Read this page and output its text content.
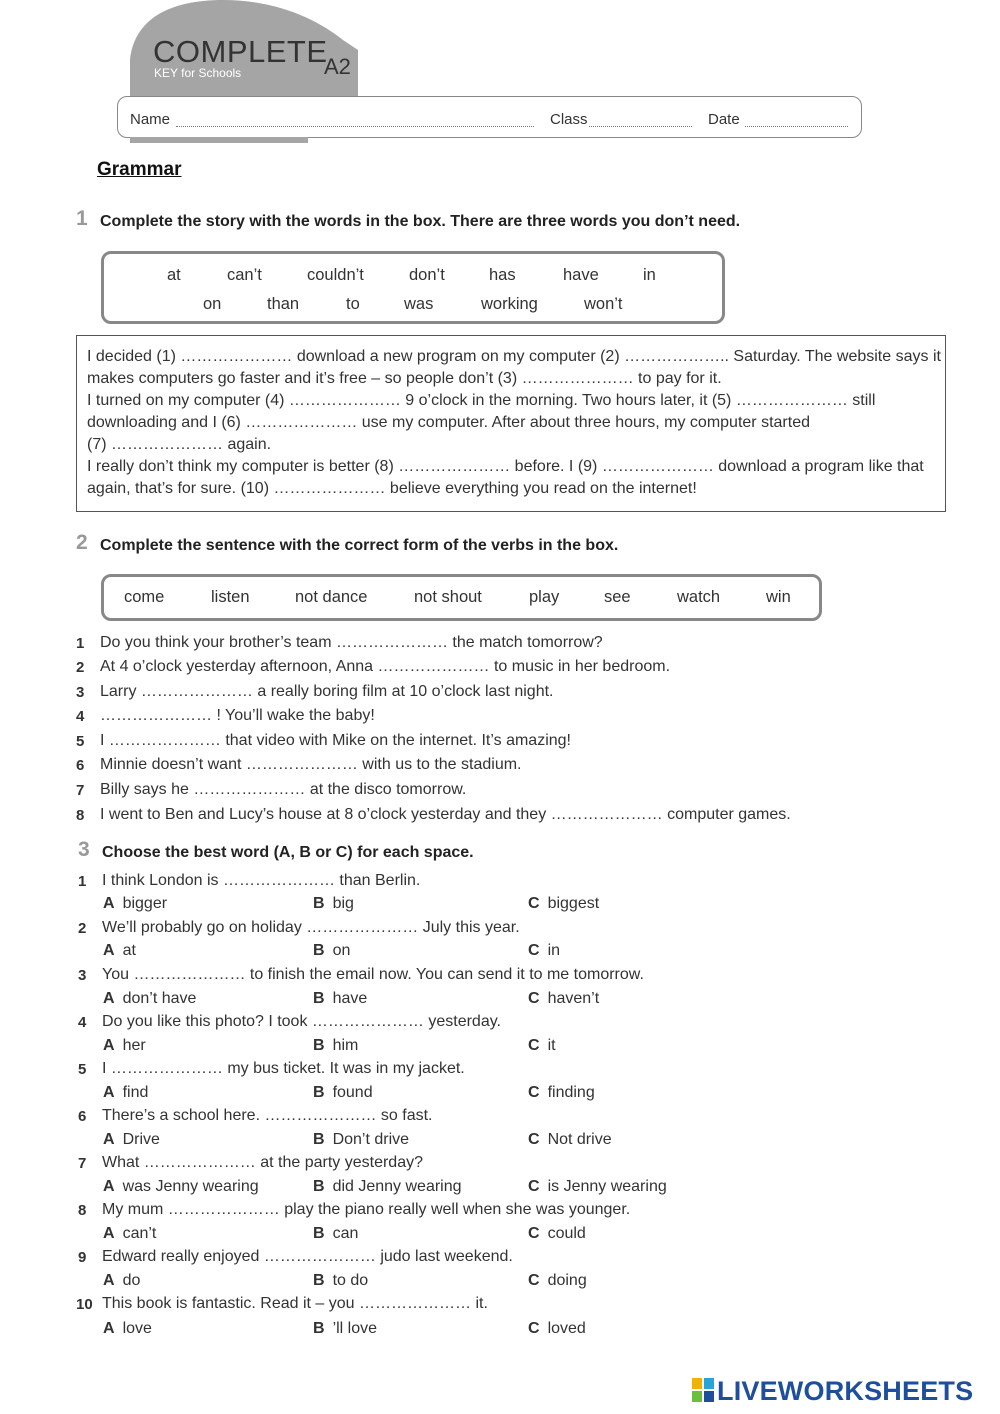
COMPLETE
KEY for Schools	A2
Name	Class	Date
Grammar
1 Complete the story with the words in the box. There are three words you don’t need.
at	can’t	couldn’t	don’t	has	have	in
on	than	to	was	working	won’t
I decided (1) ………………… download a new program on my computer (2) ……………….. Saturday. The website says it
makes computers go faster and it’s free – so people don’t (3) ………………… to pay for it.
I turned on my computer (4) ………………… 9 o’clock in the morning. Two hours later, it (5) ………………… still
downloading and I (6) ………………… use my computer. After about three hours, my computer started
(7) ………………… again.
I really don’t think my computer is better (8) ………………… before. I (9) ………………… download a program like that
again, that’s for sure. (10) ………………… believe everything you read on the internet!
2 Complete the sentence with the correct form of the verbs in the box.
come	listen	not dance	not shout	play	see	watch	win
1 Do you think your brother’s team ………………… the match tomorrow?
2 At 4 o’clock yesterday afternoon, Anna ………………… to music in her bedroom.
3 Larry ………………… a really boring film at 10 o’clock last night.
4 ………………… ! You’ll wake the baby!
5 I ………………… that video with Mike on the internet. It’s amazing!
6 Minnie doesn’t want ………………… with us to the stadium.
7 Billy says he ………………… at the disco tomorrow.
8 I went to Ben and Lucy’s house at 8 o’clock yesterday and they ………………… computer games.
3 Choose the best word (A, B or C) for each space.
1 I think London is ………………… than Berlin.
A bigger	B big	C biggest
2 We’ll probably go on holiday ………………… July this year.
A at	B on	C in
3 You ………………… to finish the email now. You can send it to me tomorrow.
A don’t have	B have	C haven’t
4 Do you like this photo? I took ………………… yesterday.
A her	B him	C it
5 I ………………… my bus ticket. It was in my jacket.
A find	B found	C finding
6 There’s a school here. ………………… so fast.
A Drive	B Don’t drive	C Not drive
7 What ………………… at the party yesterday?
A was Jenny wearing	B did Jenny wearing	C is Jenny wearing
8 My mum ………………… play the piano really well when she was younger.
A can’t	B can	C could
9 Edward really enjoyed ………………… judo last weekend.
A do	B to do	C doing
10 This book is fantastic. Read it – you ………………… it.
A love	B ’ll love	C loved
LIVEWORKSHEETS
